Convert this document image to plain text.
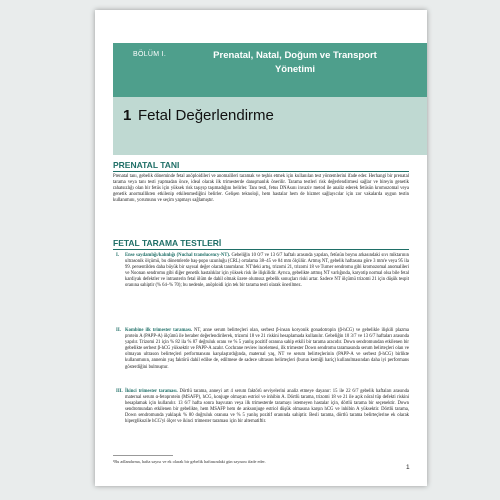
BÖLÜM I.	Prenatal, Natal, Doğum ve Transport Yönetimi
1 Fetal Değerlendirme
PRENATAL TANI

Prenatal tanı, gebelik döneminde fetal anöploidileri ve anomalileri taramak ve teşhis etmek için kullanılan test yöntemlerini ifade eder. Herhangi bir prenatal tarama veya tanı testi yapmadan önce, ideal olarak ilk trimesterde danışmanlık önerilir. Tarama testleri risk değerlendirmesi sağlar ve bireyin genetik rahatsızlığı olan bir fetüs için yüksek risk taşıyıp taşımadığını belirler. Tanı testi, fetus DNAsını invaziv metod ile analiz ederek fetüsün kromozomal veya genetik anormallikten etkilenip etkilenmediğini belirler. Gelişen teknoloji, hem hastalar hem de hizmet sağlayıcılar için zor vakalarda uygun testin kullanımını, yorumunu ve seçim yapmayı sağlamıştır.

FETAL TARAMA TESTLERİ
I. Ense saydamlığı/kalınlığı (Nuchal translucency-NT). Gebeliğin 10 0/7 ve 13 6/7 haftalı arasında yapılan, fetüsün boynu arkasındaki sıvı miktarının ultrasonik ölçümü, bu dönemlerde baş-popo uzunluğu (CRL) ortalama 38–45 ve 84 mm ölçülür. Artmış NT, gebelik haftasına göre 3 mm'e veya 95 ila 99. persentilden daha büyük bir sayısal değer olarak tanımlanır. NT'deki artış, trizomi 21, trizomi 18 ve Turner sendromu gibi kromozomal anomalileri ve Noonan sendromu gibi diğer genetik hastalıklar için yüksek risk ile ilişkilidir. Ayrıca, gebelikte artmış NT varlığında, karyotip normal olsa bile fetal kardiyak defektler ve intrauterin fetal ölüm de dahil olmak üzere olumsuz gebelik sonuçları riski artar. Sadece NT ölçümü trizomi 21 için düşük tespit oranına sahiptir (% 64–% 70); bu nedenle, anöploidi için tek bir tarama testi olarak önerilmez.
II. Kombine ilk trimester taraması. NT, anne serum belirteçleri olan, serbest β-insan koryonik gonadotropin (β-hCG) ve gebelikle ilişkili plazma protein A (PAPP-A) ölçümü ile beraber değerlendirilerek, trizomi 18 ve 21 riskini hesaplamada kullanılır. Gebeliğin 10 3/7 ve 13 6/7 haftaları arasında yapılır. Trizomi 21 için % 82 ila % 87 değruluk oranı ve % 5 yanlış pozitif oranına sahip etkili bir tarama aracıdır. Down sendromundan etkilenen bir gebelikte serbest β-hCG yüksektir ve PAPP-A azalır. Cochrane review incelemesi, ilk trimester Down sendromu taramasında serum belirteçleri olan ve olmayan ultrason belirteçleri performansını karşılaştırdığında, maternal yaş, NT ve serum belirteçlerinin (PAPP-A ve serbest β-hCG) birlikte kullanımının, annenin yaş faktörü dahil edilse de, edilmese de sadece ultrason belirteçleri (burun kemiği hariç) kullanılmasından daha iyi performans gösterdiğini bulmuştur.
III. İkinci trimester taraması. Dörtlü tarama, anneyi art 4 serum faktörü seviyelerini analiz etmeye dayanır: 15 ile 22 6/7 gebelik haftaları arasında maternal serum α-fetoprotein (MSAFP), hCG, konjuge olmayan estriol ve inhibin A. Dörtlü tarama, trizomi 18 ve 21 ile açık nöral tüp defekti riskini hesaplamak için kullanılır. 13 6/7 hafta sonra başvuran veya ilk trimesterde taramayı istemeyen hastalar için, dörtlü tarama bir seçenektir. Down sendromundan etkilenen bir gebelikte, hem MSAFP hem de anksonjuge estriol düşük olmasına karşın hCG ve inhibin A yüksektir. Dörtlü tarama, Down sendromunda yaklaşık % 80 doğruluk oranına ve % 5 yanlış pozitif oranında sahiptir. Besli tarama, dörtlü tarama belirteçlerine ek olarak hiperglikozile hCG'yi ölçer ve ikinci trimester taraması için bir alternatiftir.
¹Bu adlandırma, hafta sayısı ve ek olarak bir gebelik haftasındaki gün sayısını ifade eder.
1
